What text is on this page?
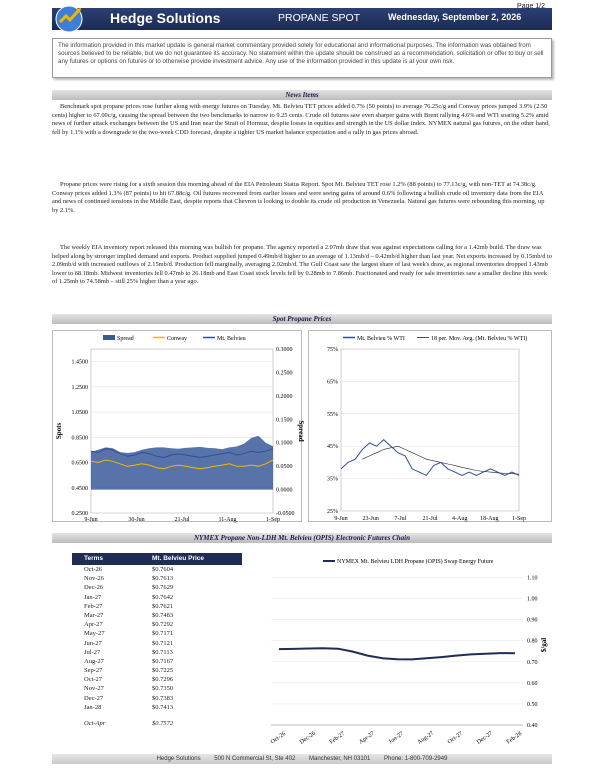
Hedge Solutions	PROPANE SPOT	Wednesday, September 2, 2026
Page 1/2
The information provided in this market update is general market commentary provided solely for educational and informational purposes. The information was obtained from sources believed to be reliable, but we do not guarantee its accuracy. No statement within the update should be construed as a recommendation, solicitation or offer to buy or sell any futures or options on futures or to otherwise provide investment advice. Any use of the information provided in this update is at your own risk.
News Items
Benchmark spot propane prices rose further along with energy futures on Tuesday. Mt. Belvieu TET prices added 0.7% (50 points) to average 76.25c/g and Conway prices jumped 3.9% (2.50 cents) higher to 67.00c/g, causing the spread between the two benchmarks to narrow to 9.25 cents. Crude oil futures saw even sharper gains with Brent rallying 4.6% and WTI soaring 5.2% amid news of further attack exchanges between the US and Iran near the Strait of Hormuz, despite losses in equities and strength in the US dollar index. NYMEX natural gas futures, on the other hand, fell by 1.1% with a downgrade to the two-week CDD forecast, despite a tighter US market balance expectation and a rally in gas prices abroad.
Propane prices were rising for a sixth session this morning ahead of the EIA Petroleum Status Report. Spot Mt. Belvieu TET rose 1.2% (88 points) to 77.13c/g, with non-TET at 74.38c/g. Conway prices added 1.3% (87 points) to hit 67.88c/g. Oil futures recovered from earlier losses and were seeing gains of around 0.6% following a bullish crude oil inventory data from the EIA and news of continued tensions in the Middle East, despite reports that Chevron is looking to double its crude oil production in Venezuela. Natural gas futures were rebounding this morning, up by 2.1%.
The weekly EIA inventory report released this morning was bullish for propane. The agency reported a 2.07mb draw that was against expectations calling for a 1.42mb build. The draw was helped along by stronger implied demand and exports. Product supplied jumped 0.49mb/d higher to an average of 1.13mb/d – 0.42mb/d higher than last year. Net exports increased by 0.15mb/d to 2.09mb/d with increased outflows of 2.15mb/d. Production fell marginally, averaging 2.92mb/d. The Gulf Coast saw the largest share of last week's draw, as regional inventories dropped 1.43mb lower to 68.18mb. Midwest inventories fell 0.47mb to 26.18mb and East Coast stock levels fell by 0.28mb to 7.86mb. Fractionated and ready for sale inventories saw a smaller decline this week of 1.25mb to 74.58mb – still 25% higher than a year ago.
Spot Propane Prices
0.2500
0.4500
0.6500
0.8500
1.0500
1.2500
1.4500
-0.0500
0.0000
0.0500
0.1000
0.1500
0.2000
0.2500
0.3000
9-Jun	30-Jun	21-Jul	11-Aug	1-Sep
Spread	Conway	Mt. Belvieu
Spots	Spread
25%
35%
45%
55%
65%
75%
9-Jun 23-Jun	7-Jul	21-Jul 4-Aug 18-Aug 1-Sep
Mt. Belvieu % WTI	18 per. Mov. Avg. (Mt. Belvieu % WTI)
NYMEX Propane Non-LDH Mt. Belvieu (OPIS) Electronic Futures Chain
Terms	Mt. Belvieu Price
Oct-26	$0.7604
Nov-26	$0.7613
Dec-26	$0.7629
Jan-27	$0.7642
Feb-27	$0.7621
Mar-27	$0.7483
Apr-27	$0.7292
May-27	$0.7171
Jun-27	$0.7121
Jul-27	$0.7113
Aug-27	$0.7167
Sep-27	$0.7225
Oct-27	$0.7296
Nov-27	$0.7350
Dec-27	$0.7383
Jan-28	$0.7413
Oct-Apr	$0.7572	0.40
0.50
0.60
0.70
0.80
0.90
1.00
1.10
Oct-26 Dec-26 Feb-27 Apr-27 Jun-27 Aug-27 Oct-27 Dec-27 Feb-28
NYMEX Mt. Belvieu LDH Propane (OPIS) Swap Energy Future
$/gal
Hedge Solutions 500 N Commercial St, Ste 402 Manchester, NH 03101 Phone: 1-800-709-2949
